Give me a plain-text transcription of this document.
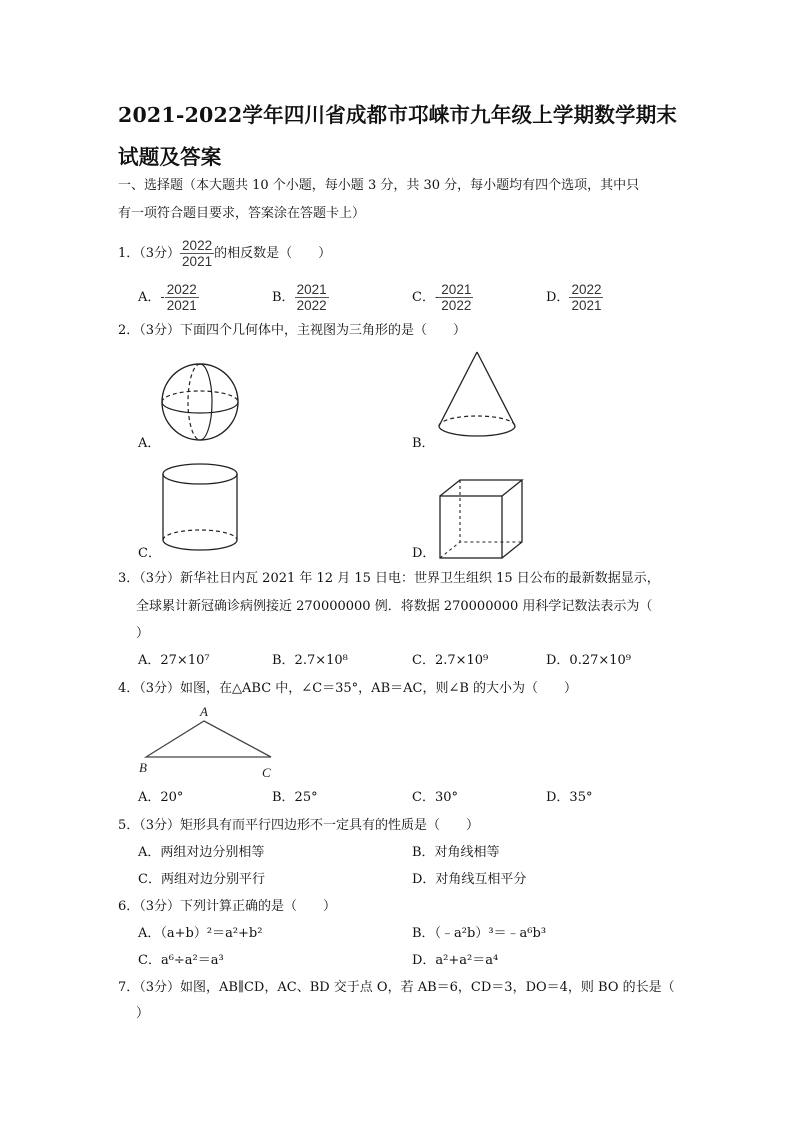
2021-2022学年四川省成都市邛崃市九年级上学期数学期末
试题及答案
一、选择题（本大题共 10 个小题，每小题 3 分，共 30 分，每小题均有四个选项，其中只
有一项符合题目要求，答案涂在答题卡上）
1．（3分） $\frac{2022}{2021}$ 的相反数是（　　）
A．- $\frac{2022}{2021}$	B． $\frac{2021}{2022}$	C．- $\frac{2021}{2022}$	D． $\frac{2022}{2021}$
2．（3分）下面四个几何体中，主视图为三角形的是（　　）
A．	B．
C．	D．
3．（3分）新华社日内瓦 2021 年 12 月 15 日电：世界卫生组织 15 日公布的最新数据显示，
全球累计新冠确诊病例接近 270000000 例．将数据 270000000 用科学记数法表示为（
）
A．27×10⁷	B．2.7×10⁸	C．2.7×10⁹	D．0.27×10⁹
4．（3分）如图，在△ABC 中，∠C＝35°，AB＝AC，则∠B 的大小为（　　）
A
B	C
A．20°	B．25°	C．30°	D．35°
5．（3分）矩形具有而平行四边形不一定具有的性质是（　　）
A．两组对边分别相等	B．对角线相等
C．两组对边分别平行	D．对角线互相平分
6．（3分）下列计算正确的是（　　）
A．（a+b）²＝a²+b²	B．（﹣a²b）³＝﹣a⁶b³
C．a⁶÷a²＝a³	D．a²+a²＝a⁴
7．（3分）如图，AB∥CD，AC、BD 交于点 O，若 AB＝6，CD＝3，DO＝4，则 BO 的长是（
）
